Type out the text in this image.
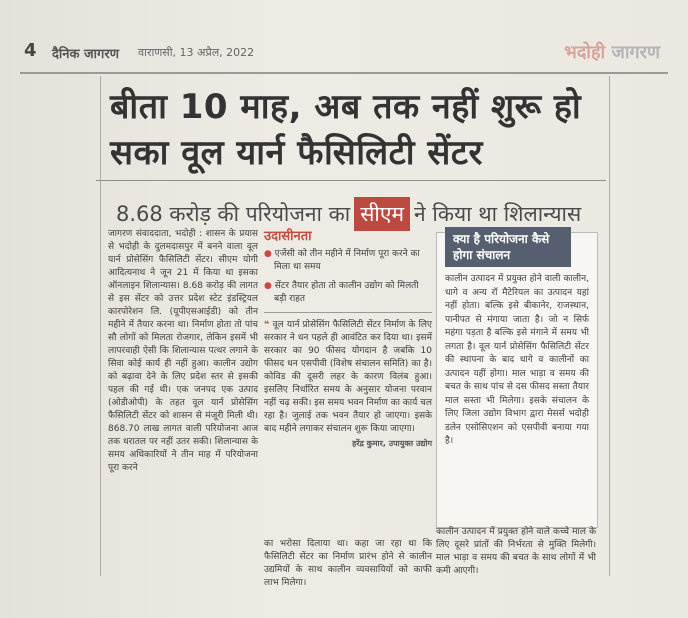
4 दैनिक जागरण वाराणसी, 13 अप्रैल, 2022	भदोही जागरण
बीता 10 माह, अब तक नहीं शुरू हो सका वूल यार्न फैसिलिटी सेंटर
8.68 करोड़ की परियोजना का सीएम ने किया था शिलान्यास

जागरण संवाददाता, भदोही : शासन के प्रयास से भदोही के दुलमदासपुर में बनने वाला वूल यार्न प्रोसेसिंग फैसिलिटी सेंटर। सीएम योगी आदित्यनाथ ने जून 21 में किया था इसका ऑनलाइन शिलान्यास। 8.68 करोड़ की लागत से इस सेंटर को उत्तर प्रदेश स्टेट इंडस्ट्रियल कारपोरेशन लि. (यूपीएसआईडी) को तीन महीने में तैयार करना था। निर्माण होता तो पांच सौ लोगों को मिलता रोजगार, लेकिन इसमें भी लापरवाही ऐसी कि शिलान्यास पत्थर लगाने के सिवा कोई कार्य ही नहीं हुआ। कालीन उद्योग को बढ़ावा देने के लिए प्रदेश स्तर से इसकी पहल की गई थी। एक जनपद एक उत्पाद (ओडीओपी) के तहत वूल यार्न प्रोसेसिंग फैसिलिटी सेंटर को शासन से मंजूरी मिली थी। 868.70 लाख लागत वाली परियोजना आज तक धरातल पर नहीं उतर सकी। शिलान्यास के समय अधिकारियों ने तीन माह में परियोजना पूरा करने

उदासीनता
● एजेंसी को तीन महीने में निर्माण पूरा करने का मिला था समय
● सेंटर तैयार होता तो कालीन उद्योग को मिलती बड़ी राहत
❝ वूल यार्न प्रोसेसिंग फैसिलिटी सेंटर निर्माण के लिए सरकार ने धन पहले ही आवंटित कर दिया था। इसमें सरकार का 90 फीसद योगदान है जबकि 10 फीसद धन एसपीवी (विशेष संचालन समिति) का है। कोविड की दूसरी लहर के कारण विलंब हुआ। इसलिए निर्धारित समय के अनुसार योजना परवान नहीं चढ़ सकी। इस समय भवन निर्माण का कार्य चल रहा है। जुलाई तक भवन तैयार हो जाएगा। इसके बाद महीने लगाकर संचालन शुरू किया जाएगा।
हरेंद्र कुमार, उपायुक्त उद्योग
क्या है परियोजना कैसे होगा संचालन
कालीन उत्पादन में प्रयुक्त होने वाली कालीन, धागे व अन्य रॉ मैटेरियल का उत्पादन यहां नहीं होता। बल्कि इसे बीकानेर, राजस्थान, पानीपत से मंगाया जाता है। जो न सिर्फ महंगा पड़ता है बल्कि इसे मंगाने में समय भी लगता है। वूल यार्न प्रोसेसिंग फैसिलिटी सेंटर की स्थापना के बाद धागे व कालीनों का उत्पादन यहीं होगा। माल भाड़ा व समय की बचत के साथ पांच से दस फीसद सस्ता तैयार माल सस्ता भी मिलेगा। इसके संचालन के लिए जिला उद्योग विभाग द्वारा मेसर्स भदोही डलेन एसोसिएशन को एसपीवी बनाया गया है।
का भरोसा दिलाया था। कहा जा रहा था कि फैसिलिटी सेंटर का निर्माण प्रारंभ होने से कालीन उद्यमियों के साथ कालीन व्यवसायियों को काफी लाभ मिलेगा।
कालीन उत्पादन में प्रयुक्त होने वाले कच्चे माल के लिए दूसरे प्रांतों की निर्भरता से मुक्ति मिलेगी। माल भाड़ा व समय की बचत के साथ लोगों में भी कमी आएगी।
